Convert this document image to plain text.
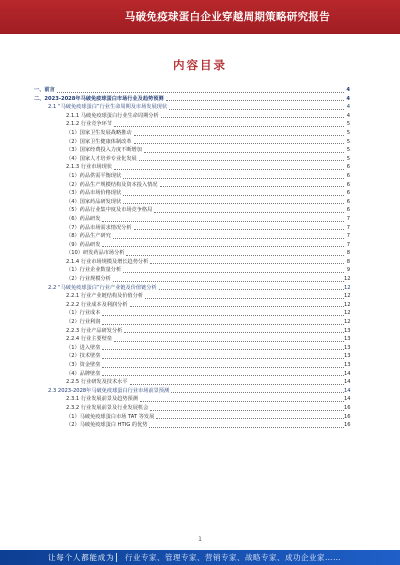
马破免疫球蛋白企业穿越周期策略研究报告
内容目录
一、前言	4
二、2023-2028年马破免疫球蛋白市场行业及趋势预测	4
2.1 “马破免疫球蛋白”行业生命周期及市场发展现状	4
2.1.1 马破免疫球蛋白行业生命周期分析	4
2.1.2 行业竞争环节	5
（1）国家卫生发展战略推动	5
（2）国家卫生健康体制改革	5
（3）国家经费投入力度不断增加	5
（4）国家人才培养专业化发展	5
2.1.3 行业市场现状	6
（1）药品供需平衡现状	6
（2）药品生产规模结构及资本投入情况	6
（3）药品市场价格现状	6
（4）国家药品研发现状	6
（5）药品行业集中度及市场竞争格局	6
（6）药品研发	7
（7）药品市场需求情况分析	7
（8）药品生产研究	7
（9）药品研发	7
（10）研发药品市场分析	8
2.1.4 行业市场规模及增长趋势分析	8
（1）行业企业数量分析	9
（2）行业规模分析	12
2.2 “马破免疫球蛋白”行业产业链及价值链分析	12
2.2.1 行业产业链结构及价值分析	12
2.2.2 行业成本及利润分析	12
（1）行业成本	12
（2）行业利润	12
2.2.3 行业产品研发分析	13
2.2.4 行业主要壁垒	13
（1）进入壁垒	13
（2）技术壁垒	13
（3）资金壁垒	13
（4）品牌壁垒	14
2.2.5 行业研发及技术水平	14
2.3 2023-2028年马破免疫球蛋白行业市场前景预测	14
2.3.1 行业发展前景及趋势预测	14
2.3.2 行业发展前景及行业发展机会	16
（1）马破免疫球蛋白市场 TAT 等发展	16
（2）马破免疫球蛋白 HTIG 的优势	16
1
让每个人都能成为 行业专家、管理专家、营销专家、战略专家、成功企业家……
